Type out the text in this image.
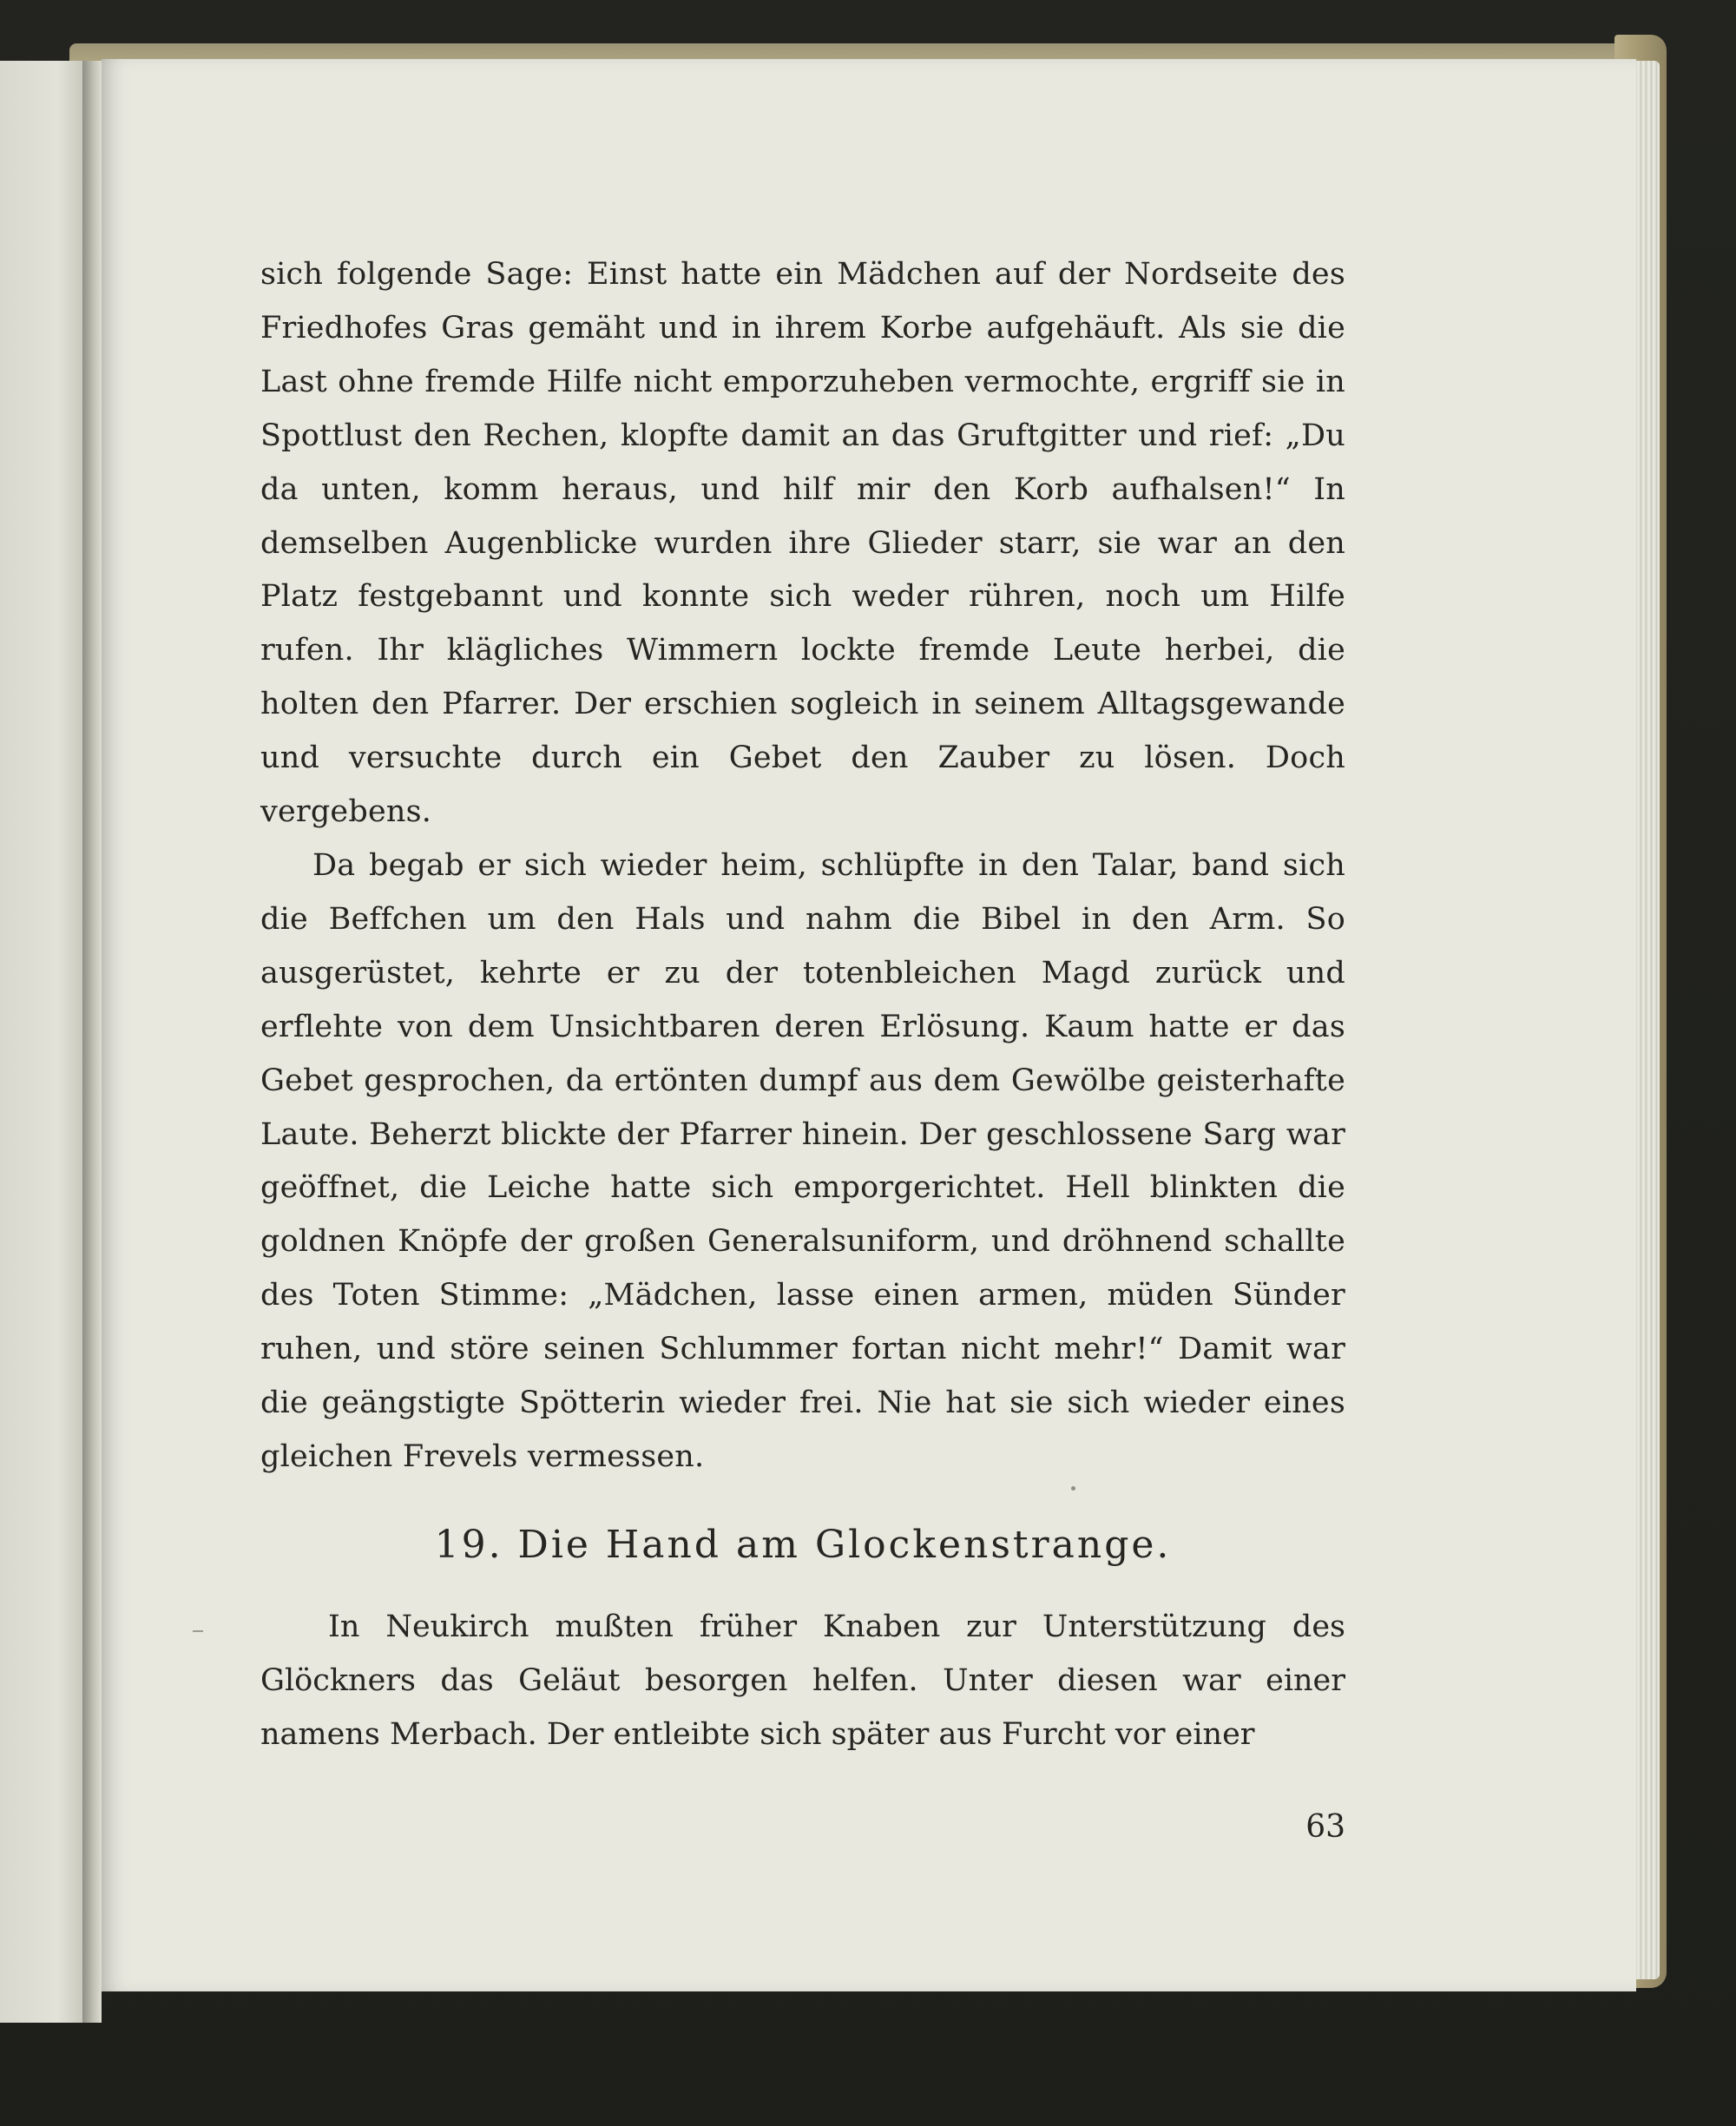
sich folgende Sage: Einst hatte ein Mädchen auf der Nordseite des Friedhofes Gras gemäht und in ihrem Korbe aufgehäuft. Als sie die Last ohne fremde Hilfe nicht emporzuheben vermochte, ergriff sie in Spottlust den Rechen, klopfte damit an das Gruftgitter und rief: „Du da unten, komm heraus, und hilf mir den Korb aufhalsen!“ In demselben Augenblicke wurden ihre Glieder starr, sie war an den Platz festgebannt und konnte sich weder rühren, noch um Hilfe rufen. Ihr klägliches Wimmern lockte fremde Leute herbei, die holten den Pfarrer. Der erschien sogleich in seinem Alltagsgewande und versuchte durch ein Gebet den Zauber zu lösen. Doch vergebens.

Da begab er sich wieder heim, schlüpfte in den Talar, band sich die Beffchen um den Hals und nahm die Bibel in den Arm. So ausgerüstet, kehrte er zu der totenbleichen Magd zurück und erflehte von dem Unsichtbaren deren Erlösung. Kaum hatte er das Gebet gesprochen, da ertönten dumpf aus dem Gewölbe geisterhafte Laute. Beherzt blickte der Pfarrer hinein. Der geschlossene Sarg war geöffnet, die Leiche hatte sich emporgerichtet. Hell blinkten die goldnen Knöpfe der großen Generalsuniform, und dröhnend schallte des Toten Stimme: „Mädchen, lasse einen armen, müden Sünder ruhen, und störe seinen Schlummer fortan nicht mehr!“ Damit war die geängstigte Spötterin wieder frei. Nie hat sie sich wieder eines gleichen Frevels vermessen.

19. Die Hand am Glockenstrange.

In Neukirch mußten früher Knaben zur Unterstützung des Glöckners das Geläut besorgen helfen. Unter diesen war einer namens Merbach. Der entleibte sich später aus Furcht vor einer

63
